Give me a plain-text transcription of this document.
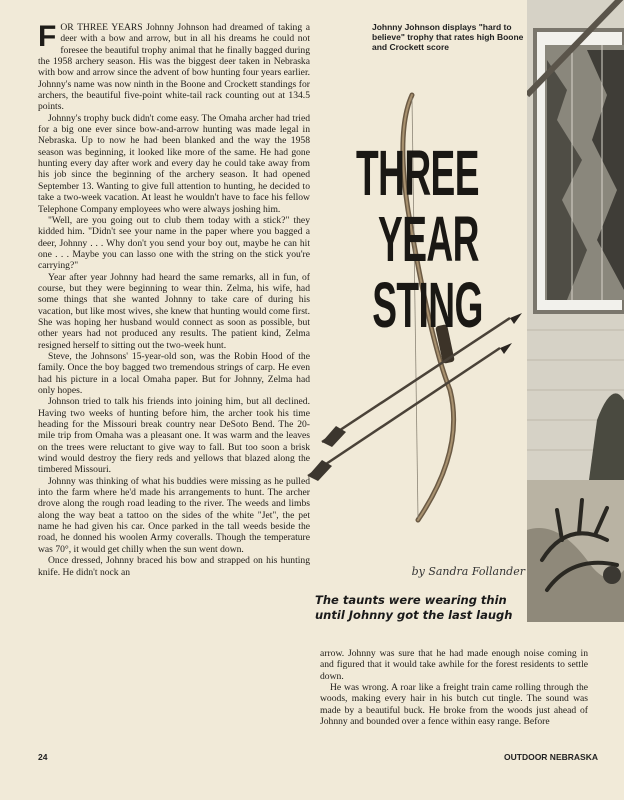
Johnny Johnson displays "hard to believe" trophy that rates high Boone and Crockett score
THREE
YEAR
STING
by Sandra Follander
The taunts were wearing thin until Johnny got the last laugh

FOR THREE YEARS Johnny Johnson had dreamed of taking a deer with a bow and arrow, but in all his dreams he could not foresee the beautiful trophy animal that he finally bagged during the 1958 archery season. His was the biggest deer taken in Nebraska with bow and arrow since the advent of bow hunting four years earlier. Johnny's name was now ninth in the Boone and Crockett standings for archers, the beautiful five-point white-tail rack counting out at 134.5 points.

Johnny's trophy buck didn't come easy. The Omaha archer had tried for a big one ever since bow-and-arrow hunting was made legal in Nebraska. Up to now he had been blanked and the way the 1958 season was beginning, it looked like more of the same. He had gone hunting every day after work and every day he could take away from his job since the beginning of the archery season. It had opened September 13. Wanting to give full attention to hunting, he decided to take a two-week vacation. At least he wouldn't have to face his fellow Telephone Company employees who were always joshing him.

"Well, are you going out to club them today with a stick?" they kidded him. "Didn't see your name in the paper where you bagged a deer, Johnny . . . Why don't you send your boy out, maybe he can hit one . . . Maybe you can lasso one with the string on the stick you're carrying?"

Year after year Johnny had heard the same remarks, all in fun, of course, but they were beginning to wear thin. Zelma, his wife, had some things that she wanted Johnny to take care of during his vacation, but like most wives, she knew that hunting would come first. She was hoping her husband would connect as soon as possible, but other years had not produced any results. The patient kind, Zelma resigned herself to sitting out the two-week hunt.

Steve, the Johnsons' 15-year-old son, was the Robin Hood of the family. Once the boy bagged two tremendous strings of carp. He even had his picture in a local Omaha paper. But for Johnny, Zelma had only hopes.

Johnson tried to talk his friends into joining him, but all declined. Having two weeks of hunting before him, the archer took his time heading for the Missouri break country near DeSoto Bend. The 20-mile trip from Omaha was a pleasant one. It was warm and the leaves on the trees were reluctant to give way to fall. But too soon a brisk wind would destroy the fiery reds and yellows that blazed along the timbered Missouri.

Johnny was thinking of what his buddies were missing as he pulled into the farm where he'd made his arrangements to hunt. The archer drove along the rough road leading to the river. The weeds and limbs along the way beat a tattoo on the sides of the white "Jet", the pet name he had given his car. Once parked in the tall weeds beside the road, he donned his woolen Army coveralls. Though the temperature was 70°, it would get chilly when the sun went down.

Once dressed, Johnny braced his bow and strapped on his hunting knife. He didn't nock an

arrow. Johnny was sure that he had made enough noise coming in and figured that it would take awhile for the forest residents to settle down.

He was wrong. A roar like a freight train came rolling through the woods, making every hair in his butch cut tingle. The sound was made by a beautiful buck. He broke from the woods just ahead of Johnny and bounded over a fence within easy range. Before

24	OUTDOOR NEBRASKA
